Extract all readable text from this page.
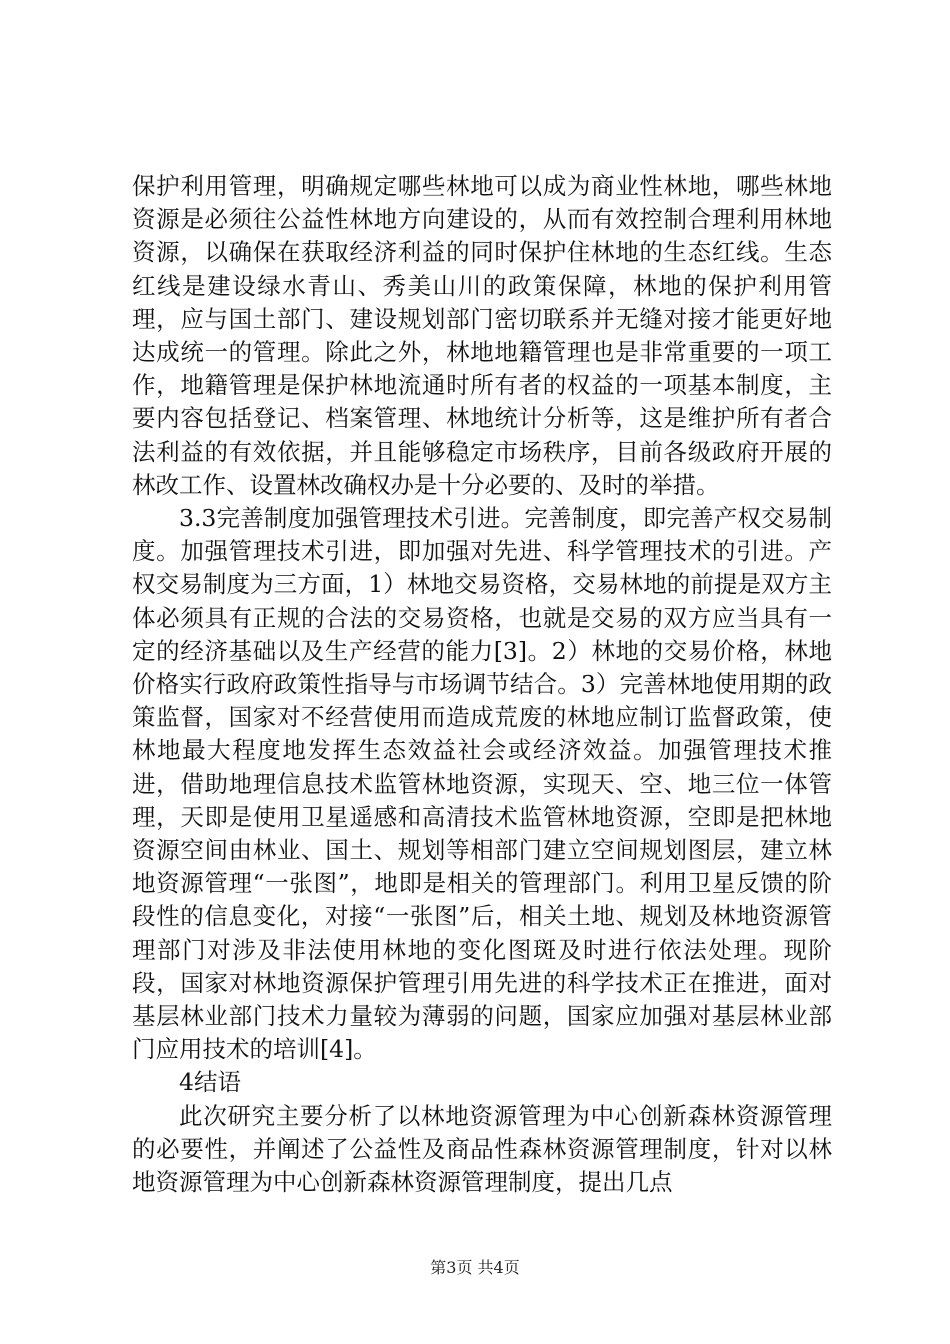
保护利用管理，明确规定哪些林地可以成为商业性林地，哪些林地资源是必须往公益性林地方向建设的，从而有效控制合理利用林地资源，以确保在获取经济利益的同时保护住林地的生态红线。生态红线是建设绿水青山、秀美山川的政策保障，林地的保护利用管理，应与国土部门、建设规划部门密切联系并无缝对接才能更好地达成统一的管理。除此之外，林地地籍管理也是非常重要的一项工作，地籍管理是保护林地流通时所有者的权益的一项基本制度，主要内容包括登记、档案管理、林地统计分析等，这是维护所有者合法利益的有效依据，并且能够稳定市场秩序，目前各级政府开展的林改工作、设置林改确权办是十分必要的、及时的举措。

3.3完善制度加强管理技术引进。完善制度，即完善产权交易制度。加强管理技术引进，即加强对先进、科学管理技术的引进。产权交易制度为三方面，1）林地交易资格，交易林地的前提是双方主体必须具有正规的合法的交易资格，也就是交易的双方应当具有一定的经济基础以及生产经营的能力[3]。2）林地的交易价格，林地价格实行政府政策性指导与市场调节结合。3）完善林地使用期的政策监督，国家对不经营使用而造成荒废的林地应制订监督政策，使林地最大程度地发挥生态效益社会或经济效益。加强管理技术推进，借助地理信息技术监管林地资源，实现天、空、地三位一体管理，天即是使用卫星遥感和高清技术监管林地资源，空即是把林地资源空间由林业、国土、规划等相部门建立空间规划图层，建立林地资源管理“一张图”，地即是相关的管理部门。利用卫星反馈的阶段性的信息变化，对接“一张图”后，相关土地、规划及林地资源管理部门对涉及非法使用林地的变化图斑及时进行依法处理。现阶段，国家对林地资源保护管理引用先进的科学技术正在推进，面对基层林业部门技术力量较为薄弱的问题，国家应加强对基层林业部门应用技术的培训[4]。

4结语

此次研究主要分析了以林地资源管理为中心创新森林资源管理的必要性，并阐述了公益性及商品性森林资源管理制度，针对以林地资源管理为中心创新森林资源管理制度，提出几点

第3页 共4页
